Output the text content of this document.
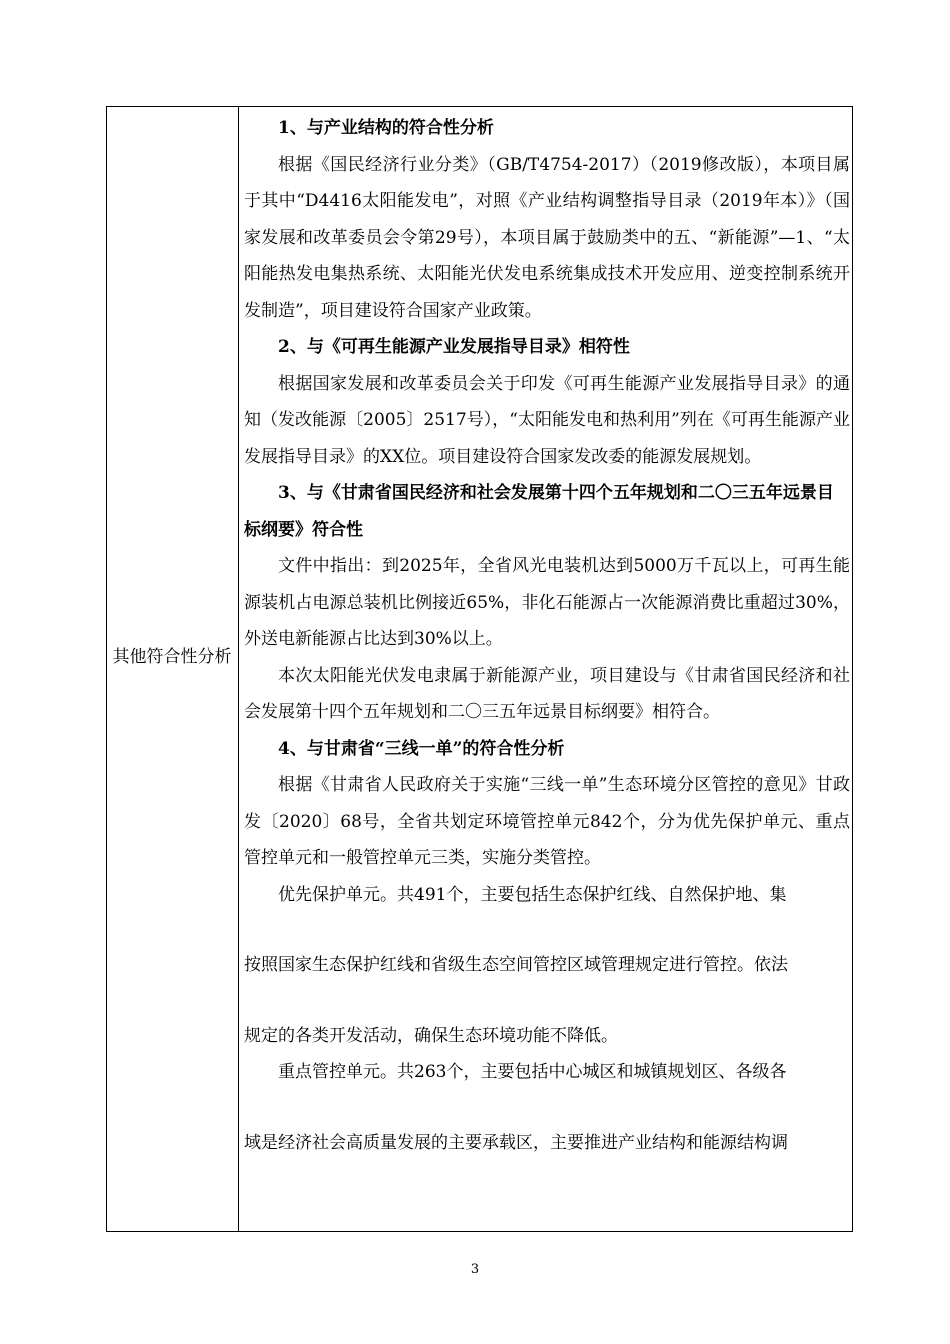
其他符合性分析

1、与产业结构的符合性分析

根据《国民经济行业分类》（GB/T4754-2017）（2019修改版），本项目属于其中“D4416太阳能发电”，对照《产业结构调整指导目录（2019年本）》（国家发展和改革委员会令第29号），本项目属于鼓励类中的五、“新能源”—1、“太阳能热发电集热系统、太阳能光伏发电系统集成技术开发应用、逆变控制系统开发制造”，项目建设符合国家产业政策。

2、与《可再生能源产业发展指导目录》相符性

根据国家发展和改革委员会关于印发《可再生能源产业发展指导目录》的通知（发改能源〔2005〕2517号），“太阳能发电和热利用”列在《可再生能源产业发展指导目录》的XX位。项目建设符合国家发改委的能源发展规划。

3、与《甘肃省国民经济和社会发展第十四个五年规划和二〇三五年远景目标纲要》符合性

文件中指出：到2025年，全省风光电装机达到5000万千瓦以上，可再生能源装机占电源总装机比例接近65%，非化石能源占一次能源消费比重超过30%，外送电新能源占比达到30%以上。

本次太阳能光伏发电隶属于新能源产业，项目建设与《甘肃省国民经济和社会发展第十四个五年规划和二〇三五年远景目标纲要》相符合。

4、与甘肃省“三线一单”的符合性分析

根据《甘肃省人民政府关于实施“三线一单”生态环境分区管控的意见》甘政发〔2020〕68号，全省共划定环境管控单元842个，分为优先保护单元、重点管控单元和一般管控单元三类，实施分类管控。

优先保护单元。共491个，主要包括生态保护红线、自然保护地、集

按照国家生态保护红线和省级生态空间管控区域管理规定进行管控。依法

规定的各类开发活动，确保生态环境功能不降低。

重点管控单元。共263个，主要包括中心城区和城镇规划区、各级各

域是经济社会高质量发展的主要承载区，主要推进产业结构和能源结构调

3
